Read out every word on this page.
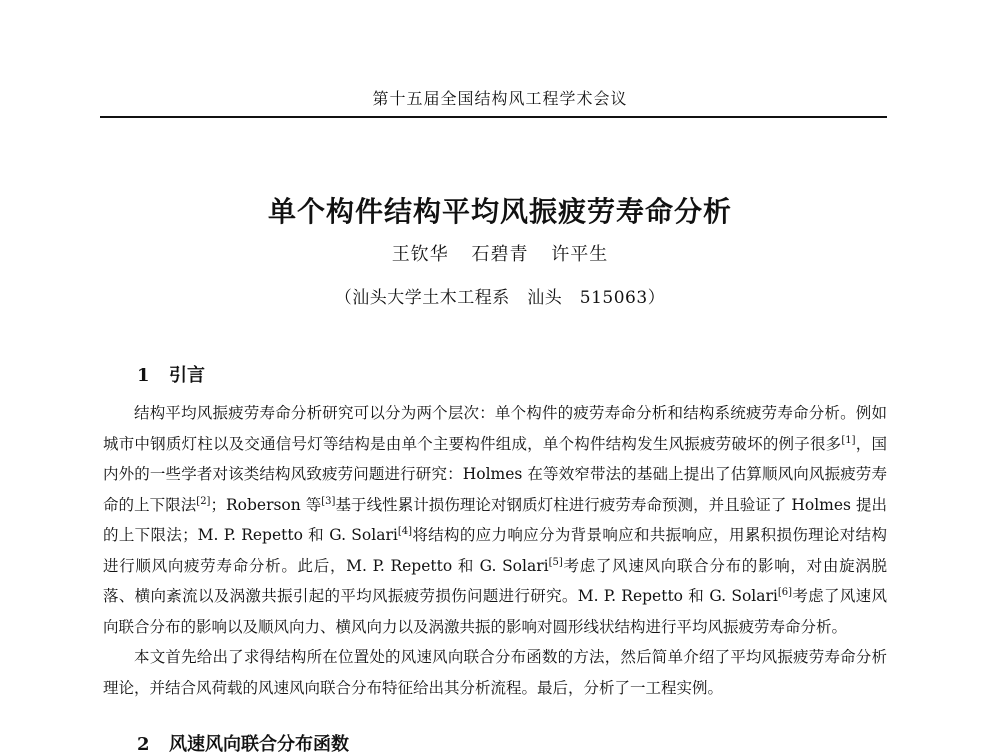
第十五届全国结构风工程学术会议
单个构件结构平均风振疲劳寿命分析
王钦华 石碧青 许平生
（汕头大学土木工程系　汕头　515063）
1 引言

结构平均风振疲劳寿命分析研究可以分为两个层次：单个构件的疲劳寿命分析和结构系统疲劳寿命分析。例如城市中钢质灯柱以及交通信号灯等结构是由单个主要构件组成，单个构件结构发生风振疲劳破坏的例子很多[1]，国内外的一些学者对该类结构风致疲劳问题进行研究：Holmes 在等效窄带法的基础上提出了估算顺风向风振疲劳寿命的上下限法[2]；Roberson 等[3]基于线性累计损伤理论对钢质灯柱进行疲劳寿命预测，并且验证了 Holmes 提出的上下限法；M. P. Repetto 和 G. Solari[4]将结构的应力响应分为背景响应和共振响应，用累积损伤理论对结构进行顺风向疲劳寿命分析。此后，M. P. Repetto 和 G. Solari[5]考虑了风速风向联合分布的影响，对由旋涡脱落、横向紊流以及涡激共振引起的平均风振疲劳损伤问题进行研究。M. P. Repetto 和 G. Solari[6]考虑了风速风向联合分布的影响以及顺风向力、横风向力以及涡激共振的影响对圆形线状结构进行平均风振疲劳寿命分析。

本文首先给出了求得结构所在位置处的风速风向联合分布函数的方法，然后简单介绍了平均风振疲劳寿命分析理论，并结合风荷载的风速风向联合分布特征给出其分析流程。最后，分析了一工程实例。

2 风速风向联合分布函数
